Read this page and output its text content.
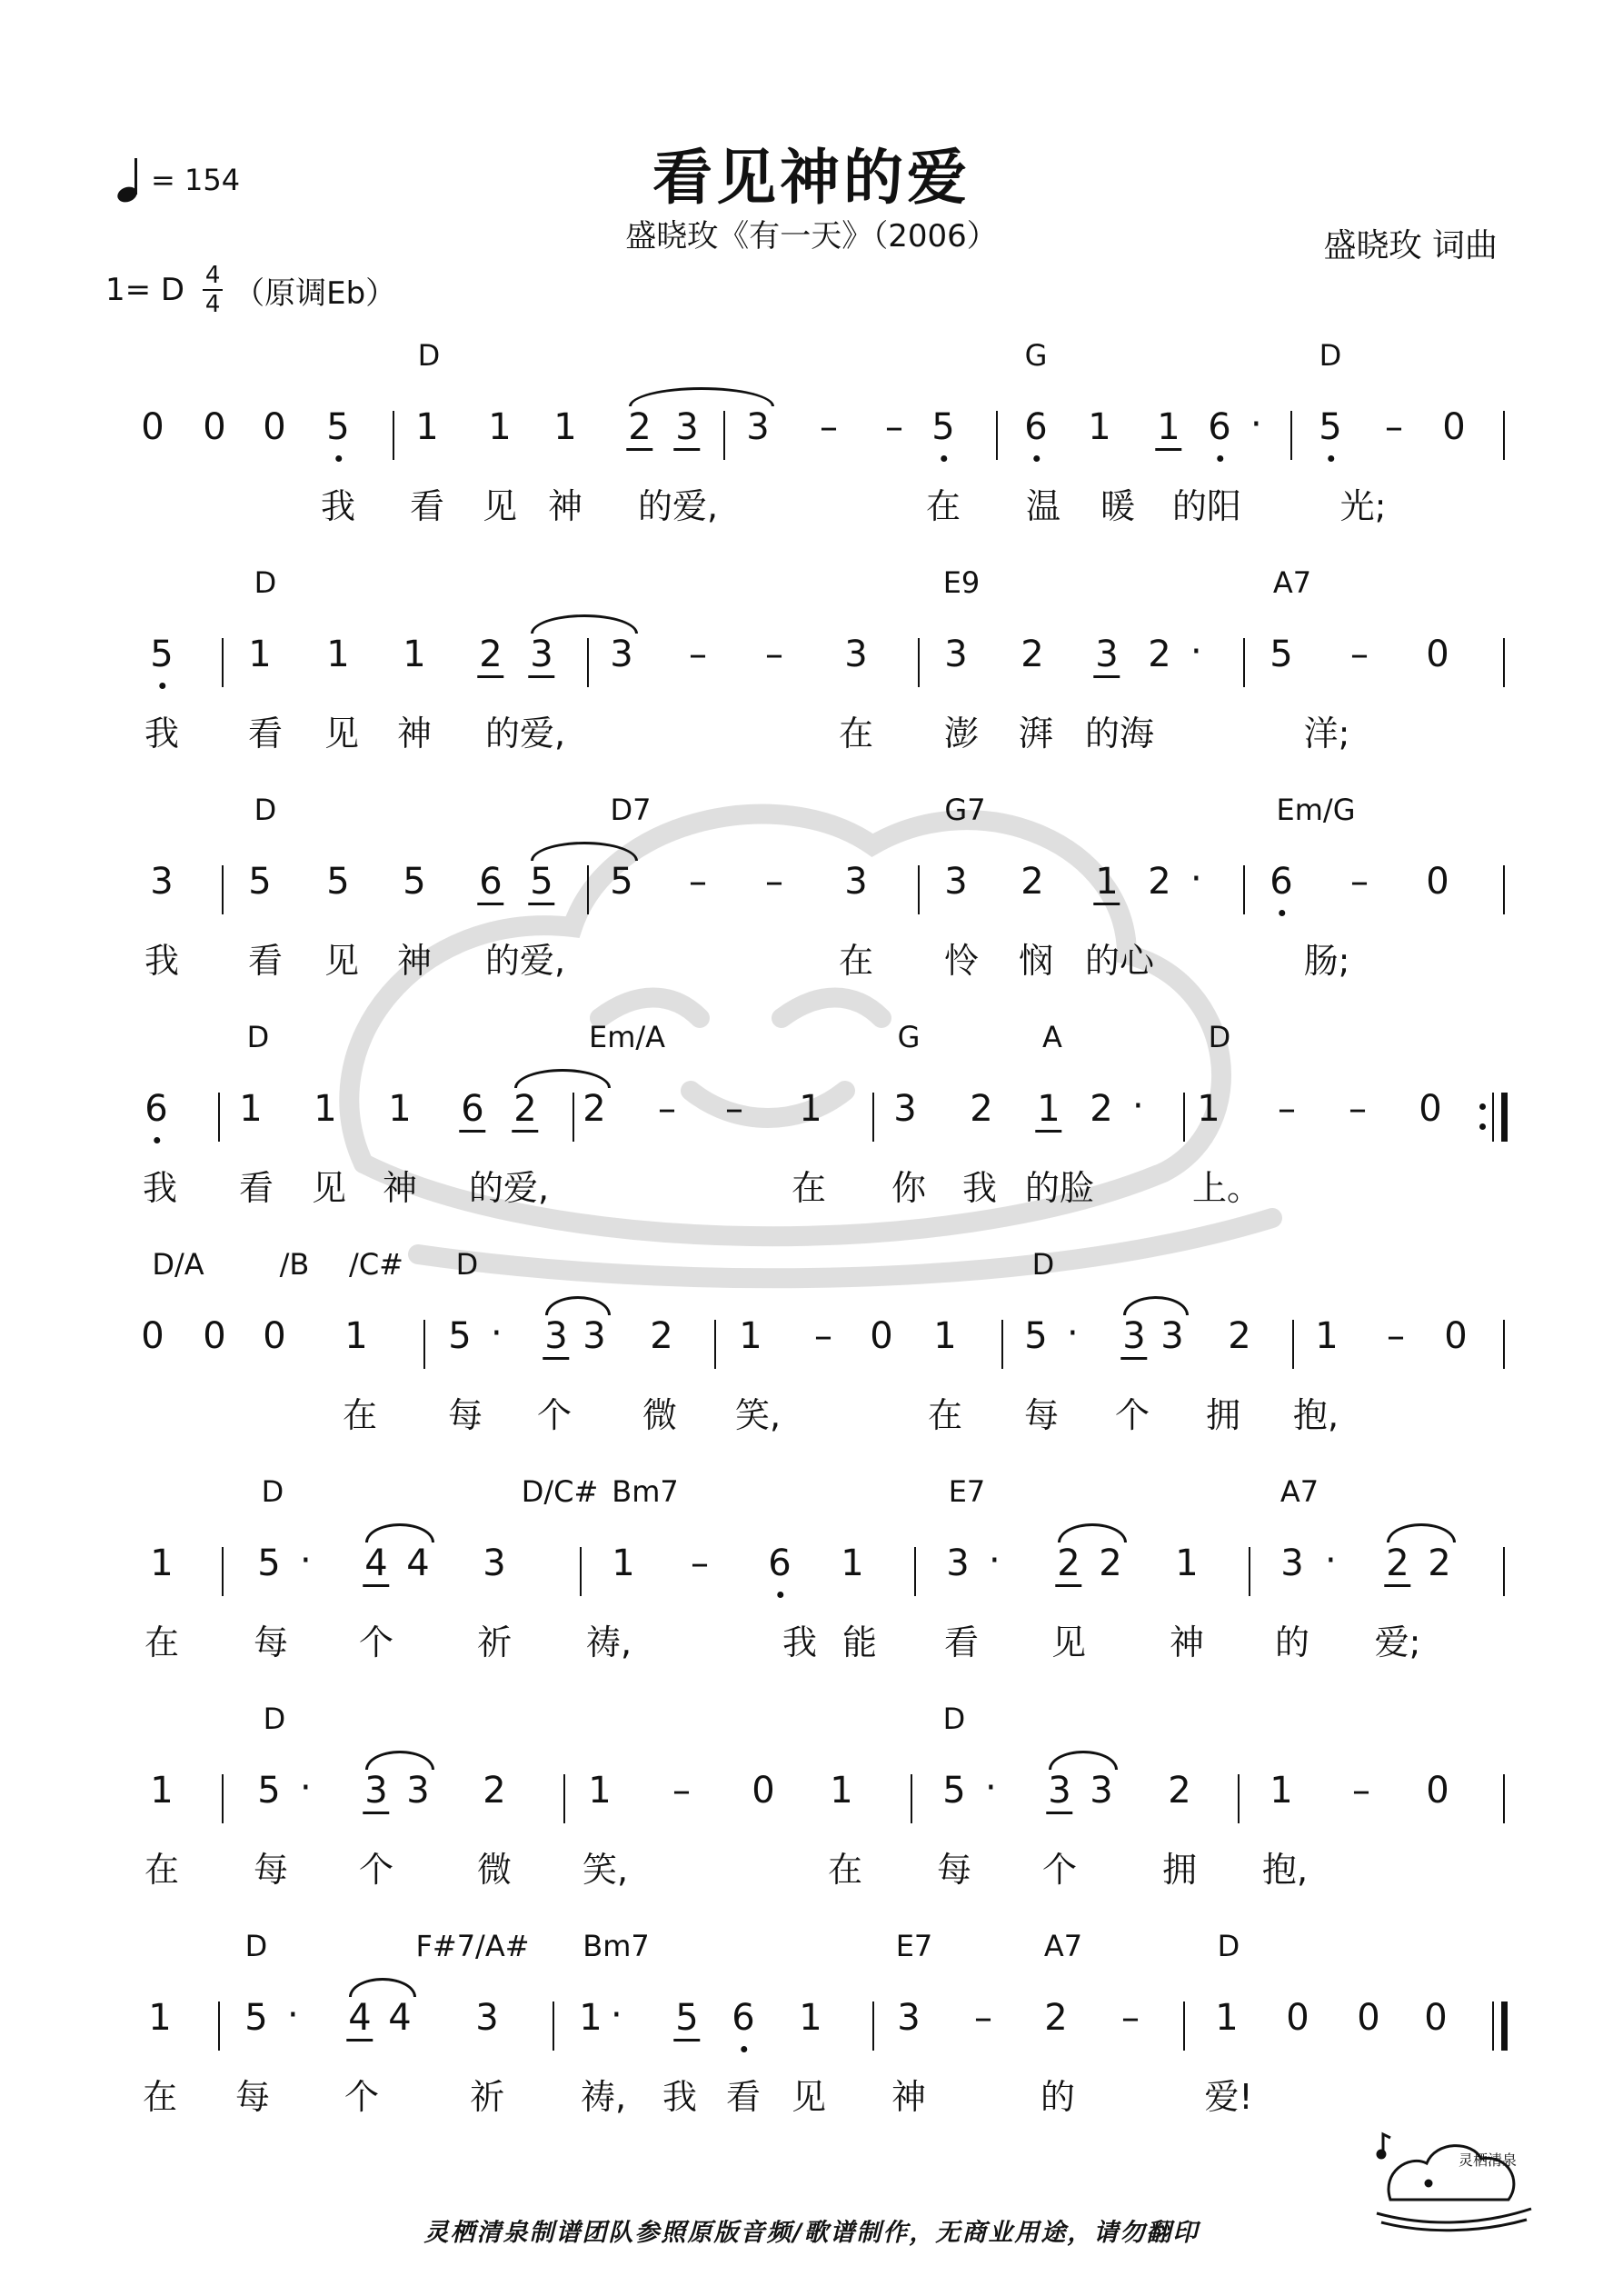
= 154	看见神的爱
盛晓玫《有一天》（2006）	盛晓玫 词曲
1= D $\frac{4}{4}$ （原调Eb）
D	G	D
0 0 0 5 1 1 1 2 3 3 – – 5 6 1 1 6 5 – 0
·
我 看 见 神 的爱,	在 温 暖 的阳	光;
D	E9	A7
5 1 1 1 2 3 3 – – 3 3 2 3 2	5 – 0
·
我 看 见 神 的爱,	在 澎 湃 的海	洋;
D	D7	G7	Em/G
3 5 5 5 6 5 5 – – 3 3 2 1 2	6 – 0
·
我 看 见 神 的爱,	在 怜 悯 的心	肠;
D	Em/A	G	A	D
6 1 1 1 6 2 2 – – 1 3 2 1 2 1 – – 0
·
我 看 见 神 的爱,	在 你 我 的脸	上。
D/A	/B /C# D	D
0 0 0 1 5 3 3 2 1 – 0 1 5 3 3 2 1 – 0
·	·
在 每 个 微 笑,	在 每 个 拥 抱,
D	D/C# Bm7	E7	A7
1 5 4 4 3	1 – 6 1 3 2 2 1 3 2 2
·	·	·
在 每 个 祈 祷,	我 能 看 见 神 的 爱;
D	D
1 5 3 3 2 1 – 0 1 5 3 3 2 1 – 0
·	·
在 每 个 微 笑,	在 每 个 拥 抱,
D	F#7/A# Bm7	E7	A7	D
1 5 4 4 3 1 5 6 1 3 – 2 – 1 0 0 0
·	·
在 每 个	祈 祷, 我 看 见 神	的	爱!
灵栖清泉制谱团队参照原版音频/歌谱制作，无商业用途，请勿翻印
灵栖清泉
